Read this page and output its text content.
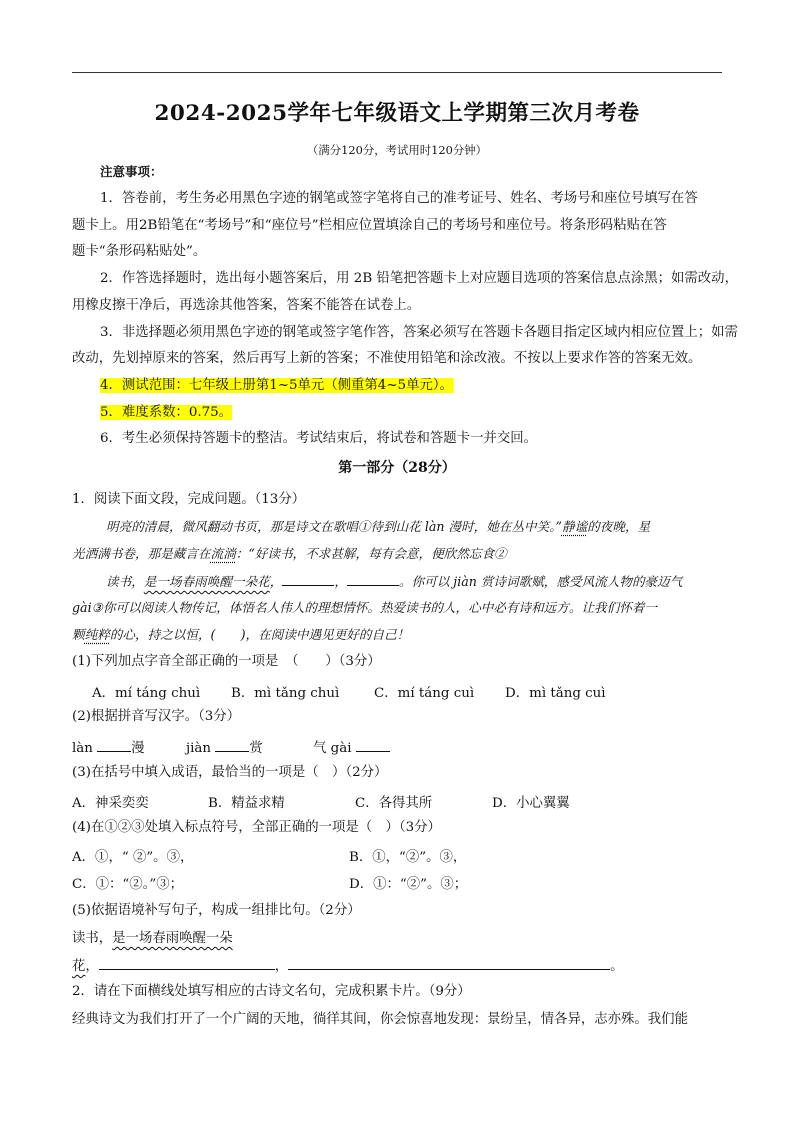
2024-2025学年七年级语文上学期第三次月考卷
（满分120分，考试用时120分钟）
注意事项：
1．答卷前，考生务必用黑色字迹的钢笔或签字笔将自己的准考证号、姓名、考场号和座位号填写在答
题卡上。用2B铅笔在“考场号”和“座位号”栏相应位置填涂自己的考场号和座位号。将条形码粘贴在答
题卡“条形码粘贴处”。
2．作答选择题时，选出每小题答案后，用 2B 铅笔把答题卡上对应题目选项的答案信息点涂黑；如需改动，
用橡皮擦干净后，再选涂其他答案，答案不能答在试卷上。
3．非选择题必须用黑色字迹的钢笔或签字笔作答，答案必须写在答题卡各题目指定区域内相应位置上；如需
改动，先划掉原来的答案，然后再写上新的答案；不准使用铅笔和涂改液。不按以上要求作答的答案无效。
4．测试范围：七年级上册第1~5单元（侧重第4~5单元）。
5．难度系数：0.75。
6．考生必须保持答题卡的整洁。考试结束后，将试卷和答题卡一并交回。
第一部分（28分）
1．阅读下面文段，完成问题。（13分）
明亮的清晨，微风翻动书页，那是诗文在歌唱①待到山花 làn 漫时，她在丛中笑。”静谧的夜晚，星
光洒满书卷，那是藏言在流淌：“好读书，不求甚解，每有会意，便欣然忘食②
读书，是一场春雨唤醒一朵花，	，	。你可以 jiàn 赏诗词歌赋，感受风流人物的豪迈气
gài③你可以阅读人物传记，体悟名人伟人的理想情怀。热爱读书的人，心中必有诗和远方。让我们怀着一
颗纯粹的心，持之以恒，(　　)，在阅读中遇见更好的自己！
(1)下列加点字音全部正确的一项是　（　　）（3分）
A．mí táng chuì B．mì tǎng chuì	C．mí táng cuì D．mì tǎng cuì
(2)根据拼音写汉字。（3分）
làn	漫	jiàn	赏	气 gài
(3)在括号中填入成语，最恰当的一项是（　）（2分）
A．神采奕奕	B．精益求精	C．各得其所	D．小心翼翼
(4)在①②③处填入标点符号，全部正确的一项是（　）（3分）
A．①，“ ②”。③，	B．①，“②”。③，
C．①：“②。”③；	D．①：“②”。③；
(5)依据语境补写句子，构成一组排比句。（2分）
读书，是一场春雨唤醒一朵
花，	，	。
2．请在下面横线处填写相应的古诗文名句，完成积累卡片。（9分）
经典诗文为我们打开了一个广阔的天地，徜徉其间，你会惊喜地发现：景纷呈，情各异，志亦殊。我们能
